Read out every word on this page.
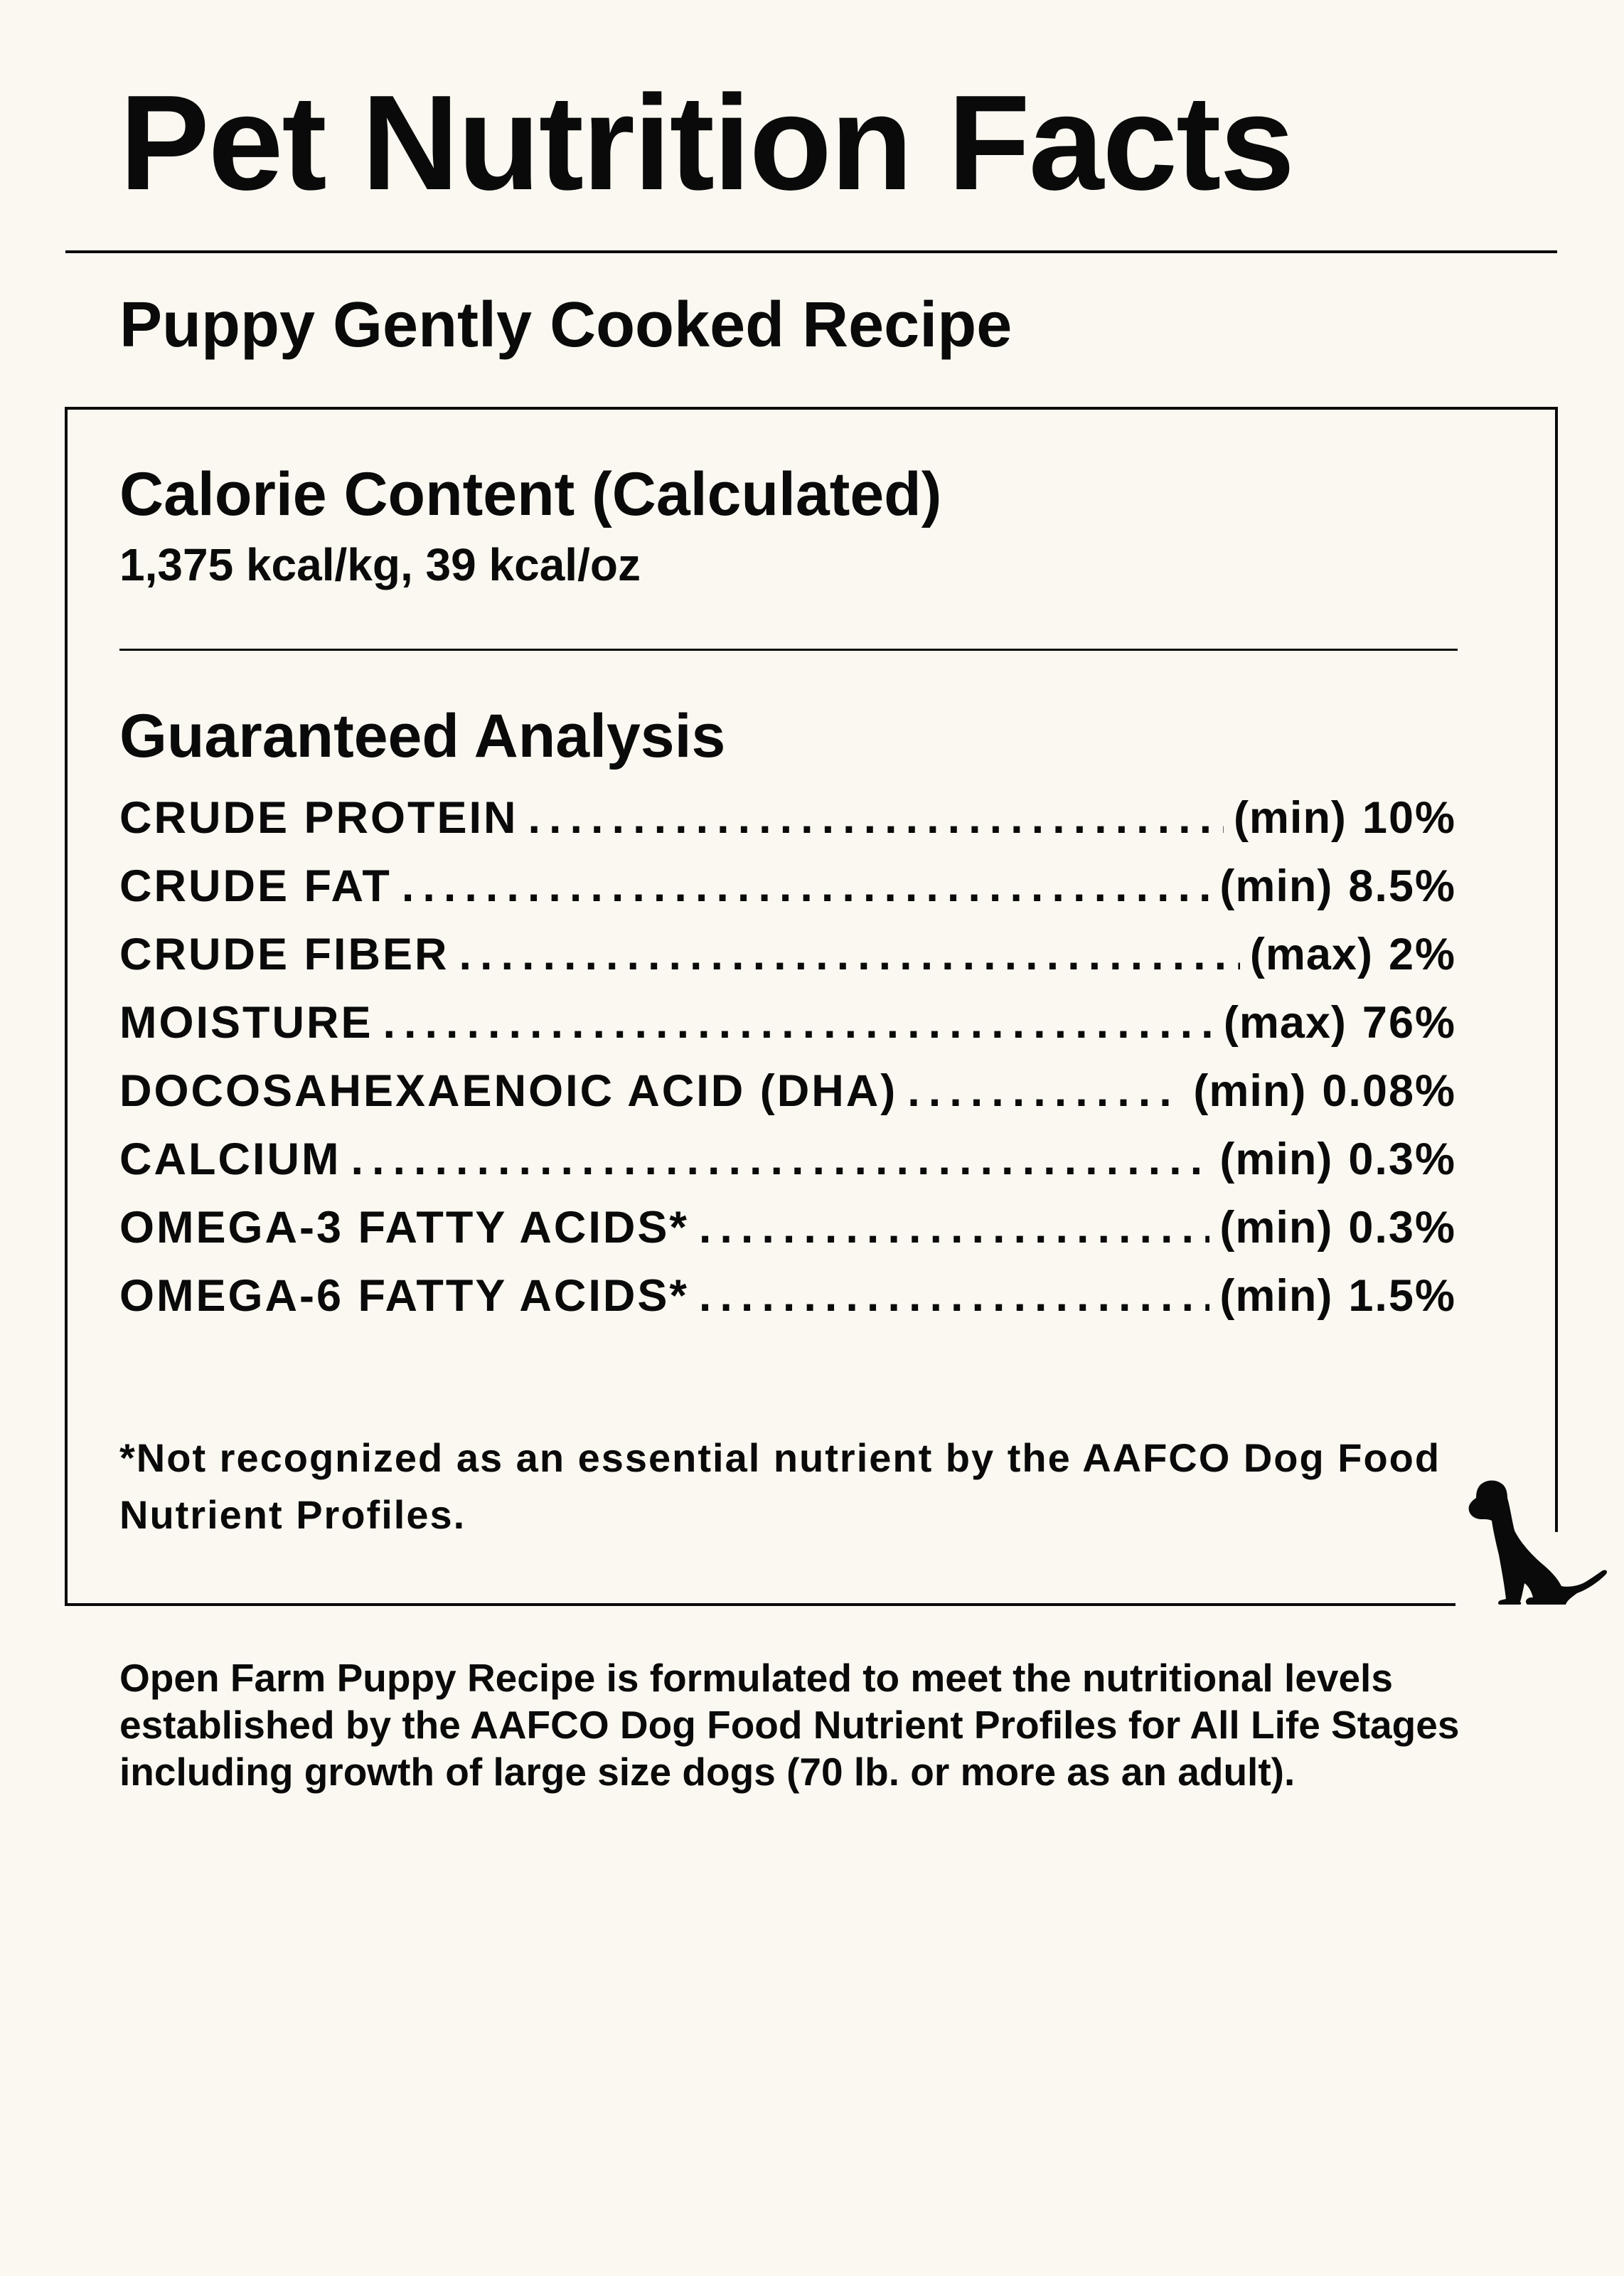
Pet Nutrition Facts
Puppy Gently Cooked Recipe
Calorie Content (Calculated)

1,375 kcal/kg, 39 kcal/oz

Guaranteed Analysis
CRUDE PROTEIN .....	(min) 10%
CRUDE FAT .....	(min) 8.5%
CRUDE FIBER .....	(max) 2%
MOISTURE .....	(max) 76%
DOCOSAHEXAENOIC ACID (DHA) .....	(min) 0.08%
CALCIUM .....	(min) 0.3%
OMEGA-3 FATTY ACIDS* .....	(min) 0.3%
OMEGA-6 FATTY ACIDS* .....	(min) 1.5%

*Not recognized as an essential nutrient by the AAFCO Dog Food Nutrient Profiles.

Open Farm Puppy Recipe is formulated to meet the nutritional levels established by the AAFCO Dog Food Nutrient Profiles for All Life Stages including growth of large size dogs (70 lb. or more as an adult).
